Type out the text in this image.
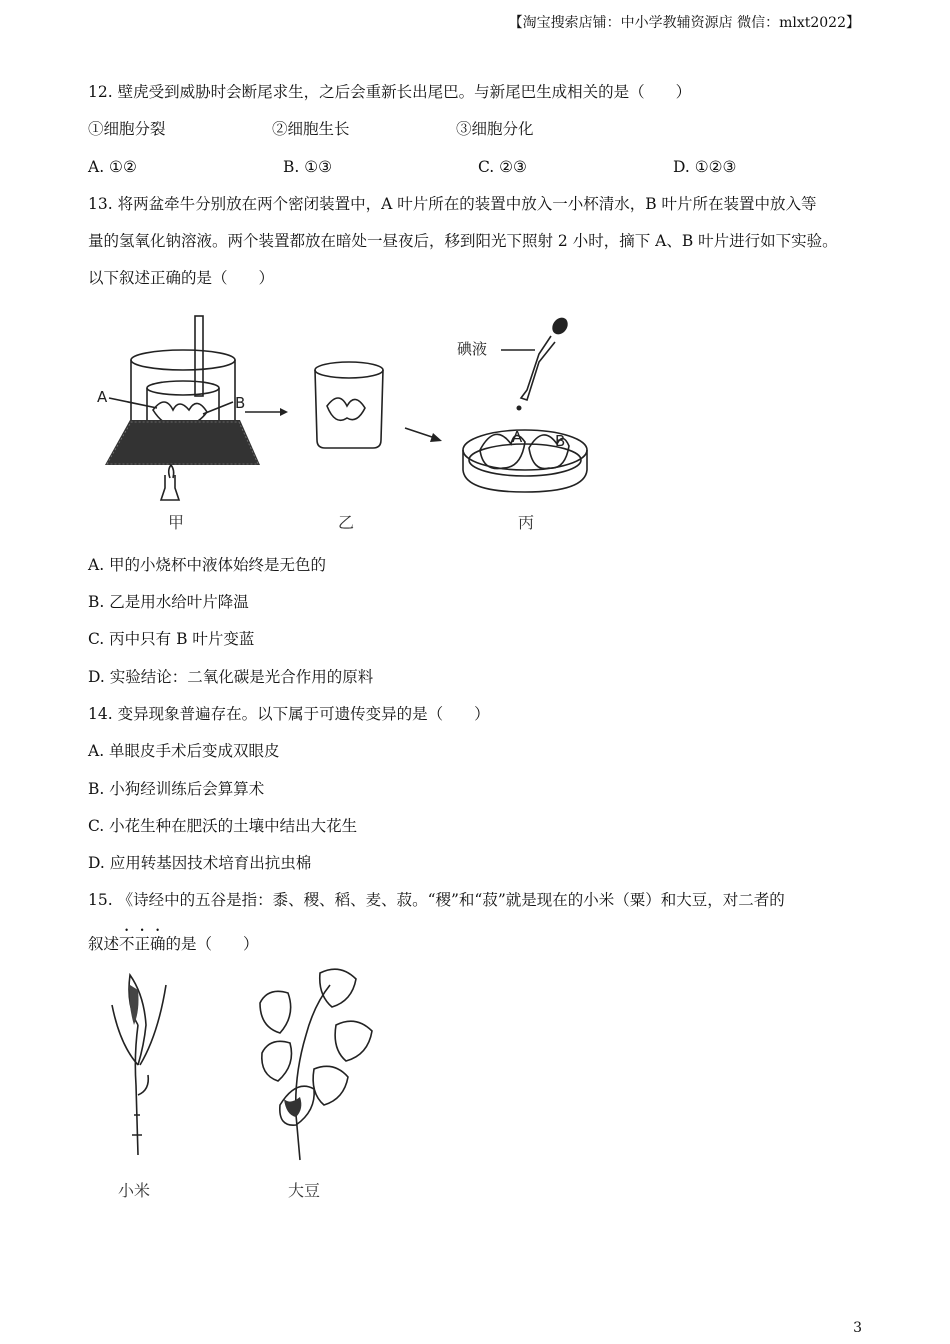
【淘宝搜索店铺：中小学教辅资源店 微信：mlxt2022】
12. 壁虎受到威胁时会断尾求生，之后会重新长出尾巴。与新尾巴生成相关的是（　　）
①细胞分裂	②细胞生长	③细胞分化
A. ①②	B. ①③	C. ②③	D. ①②③
13. 将两盆牵牛分别放在两个密闭装置中，A 叶片所在的装置中放入一小杯清水，B 叶片所在装置中放入等
量的氢氧化钠溶液。两个装置都放在暗处一昼夜后，移到阳光下照射 2 小时，摘下 A、B 叶片进行如下实验。
以下叙述正确的是（　　）
A	B
碘液
A B
甲	乙	丙
A. 甲的小烧杯中液体始终是无色的
B. 乙是用水给叶片降温
C. 丙中只有 B 叶片变蓝
D. 实验结论：二氧化碳是光合作用的原料
14. 变异现象普遍存在。以下属于可遗传变异的是（　　）
A. 单眼皮手术后变成双眼皮
B. 小狗经训练后会算算术
C. 小花生种在肥沃的土壤中结出大花生
D. 应用转基因技术培育出抗虫棉
15. 《诗经中的五谷是指：黍、稷、稻、麦、菽。“稷”和“菽”就是现在的小米（粟）和大豆，对二者的
叙述不正确的是（　　）
小米	大豆
3
